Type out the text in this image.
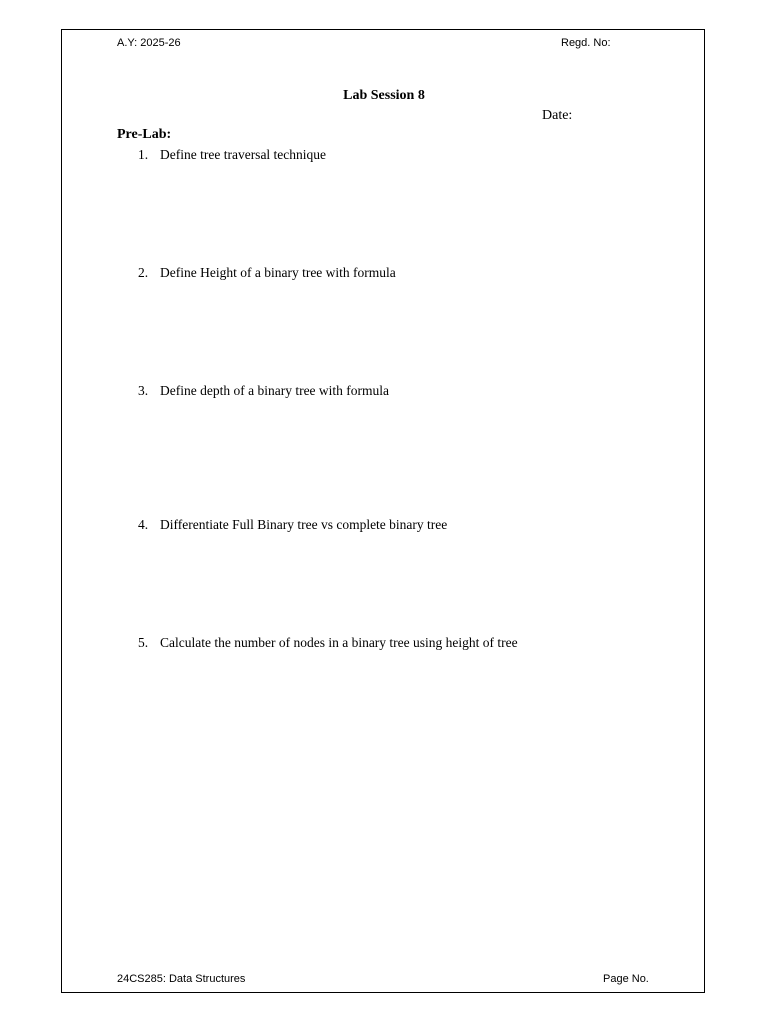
A.Y: 2025-26	Regd. No:
Lab Session 8
Date:
Pre-Lab:
1. Define tree traversal technique
2. Define Height of a binary tree with formula
3. Define depth of a binary tree with formula
4. Differentiate Full Binary tree vs complete binary tree
5. Calculate the number of nodes in a binary tree using height of tree
24CS285: Data Structures	Page No.
